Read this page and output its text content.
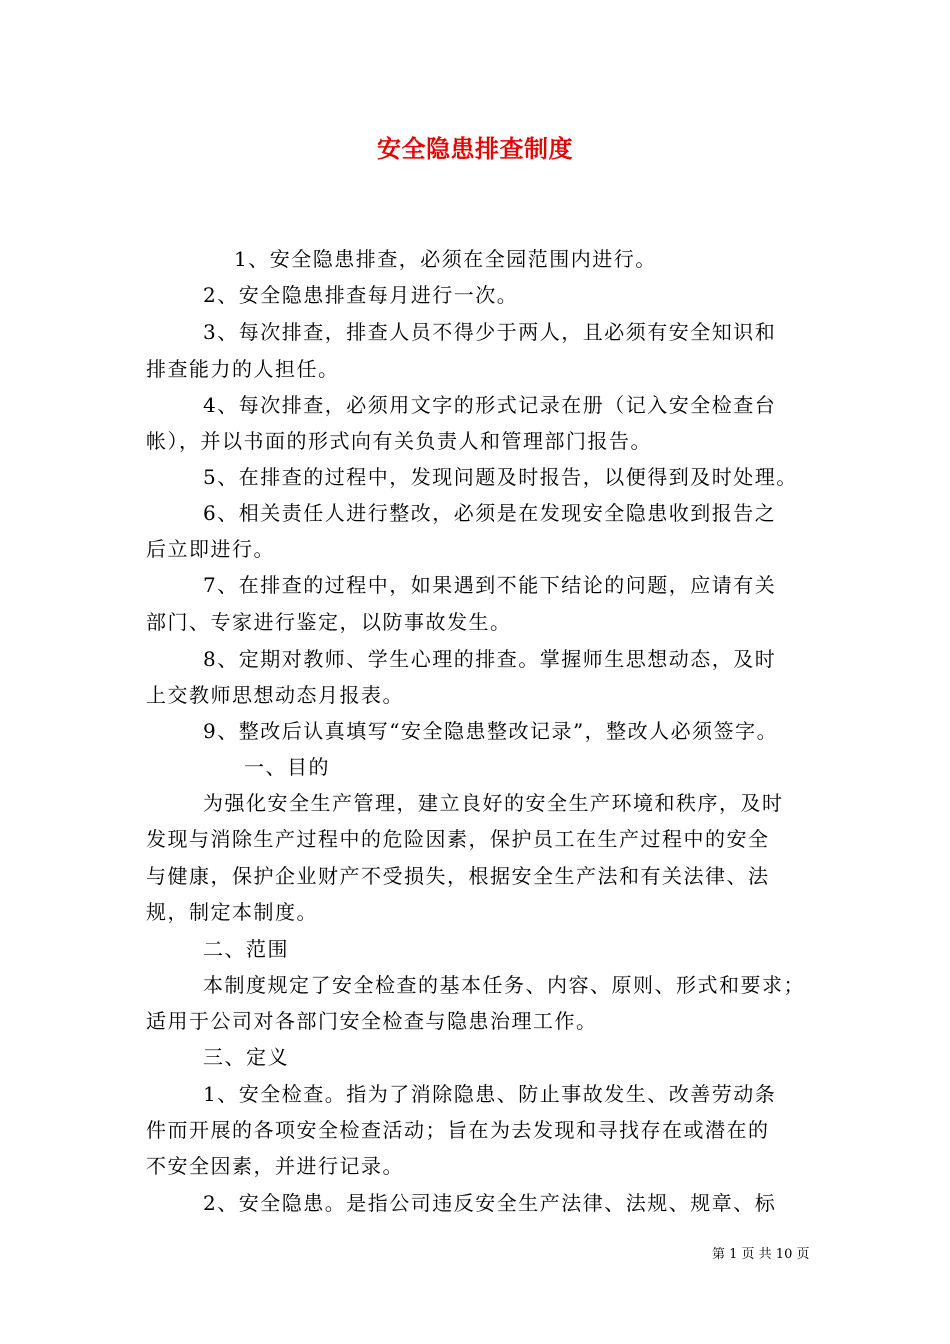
安全隐患排查制度
1、安全隐患排查，必须在全园范围内进行。
2、安全隐患排查每月进行一次。
3、每次排查，排查人员不得少于两人，且必须有安全知识和
排查能力的人担任。
4、每次排查，必须用文字的形式记录在册（记入安全检查台
帐），并以书面的形式向有关负责人和管理部门报告。
5、在排查的过程中，发现问题及时报告，以便得到及时处理。
6、相关责任人进行整改，必须是在发现安全隐患收到报告之
后立即进行。
7、在排查的过程中，如果遇到不能下结论的问题，应请有关
部门、专家进行鉴定，以防事故发生。
8、定期对教师、学生心理的排查。掌握师生思想动态，及时
上交教师思想动态月报表。
9、整改后认真填写“安全隐患整改记录”，整改人必须签字。
一、目的
为强化安全生产管理，建立良好的安全生产环境和秩序，及时
发现与消除生产过程中的危险因素，保护员工在生产过程中的安全
与健康，保护企业财产不受损失，根据安全生产法和有关法律、法
规，制定本制度。
二、范围
本制度规定了安全检查的基本任务、内容、原则、形式和要求；
适用于公司对各部门安全检查与隐患治理工作。
三、定义
1、安全检查。指为了消除隐患、防止事故发生、改善劳动条
件而开展的各项安全检查活动；旨在为去发现和寻找存在或潜在的
不安全因素，并进行记录。
2、安全隐患。是指公司违反安全生产法律、法规、规章、标
第 1 页 共 10 页
